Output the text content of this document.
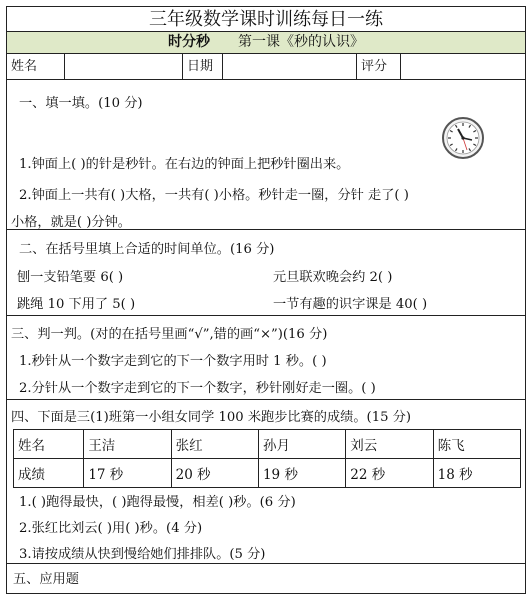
三年级数学课时训练每日一练
时分秒 第一课《秒的认识》
姓名	日期	评分
一、填一填。(10 分)
1.钟面上( )的针是秒针。在右边的钟面上把秒针圈出来。
2.钟面上一共有( )大格，一共有( )小格。秒针走一圈，分针 走了( )
小格，就是( )分钟。
二、在括号里填上合适的时间单位。(16 分)
刨一支铅笔要 6( )	元旦联欢晚会约 2( )
跳绳 10 下用了 5( )	一节有趣的识字课是 40( )
三、判一判。(对的在括号里画“√”,错的画“×”)(16 分)
1.秒针从一个数字走到它的下一个数字用时 1 秒。( )
2.分针从一个数字走到它的下一个数字，秒针刚好走一圈。( )
四、下面是三(1)班第一小组女同学 100 米跑步比赛的成绩。(15 分)
姓名	王洁	张红	孙月	刘云	陈飞
成绩	17 秒	20 秒	19 秒	22 秒	18 秒
1.( )跑得最快，( )跑得最慢，相差( )秒。(6 分)
2.张红比刘云( )用( )秒。(4 分)
3.请按成绩从快到慢给她们排排队。(5 分)
五、应用题
